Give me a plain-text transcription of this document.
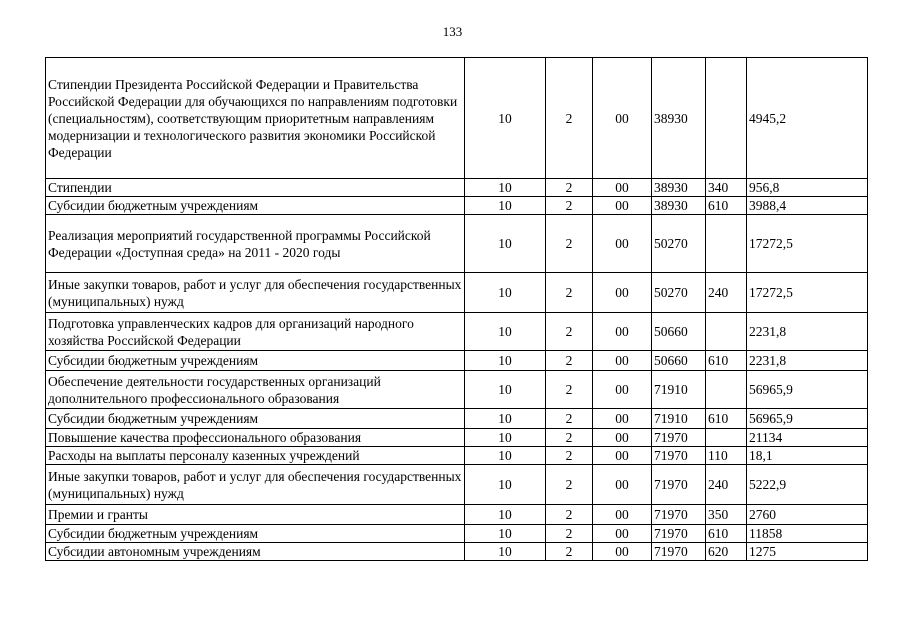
133
Стипендии Президента Российской Федерации и Правительства Российской Федерации для обучающихся по направлениям подготовки (специальностям), соответствующим приоритетным направлениям модернизации и технологического развития экономики Российской Федерации	10	2	00	38930		4945,2
Стипендии	10	2	00	38930	340	956,8
Субсидии бюджетным учреждениям	10	2	00	38930	610	3988,4
Реализация мероприятий государственной программы Российской Федерации «Доступная среда» на 2011 - 2020 годы	10	2	00	50270		17272,5
Иные закупки товаров, работ и услуг для обеспечения государственных (муниципальных) нужд	10	2	00	50270	240	17272,5
Подготовка управленческих кадров для организаций народного хозяйства Российской Федерации	10	2	00	50660		2231,8
Субсидии бюджетным учреждениям	10	2	00	50660	610	2231,8
Обеспечение деятельности государственных организаций дополнительного профессионального образования	10	2	00	71910		56965,9
Субсидии бюджетным учреждениям	10	2	00	71910	610	56965,9
Повышение качества профессионального образования	10	2	00	71970		21134
Расходы на выплаты персоналу казенных учреждений	10	2	00	71970	110	18,1
Иные закупки товаров, работ и услуг для обеспечения государственных (муниципальных) нужд	10	2	00	71970	240	5222,9
Премии и гранты	10	2	00	71970	350	2760
Субсидии бюджетным учреждениям	10	2	00	71970	610	11858
Субсидии автономным учреждениям	10	2	00	71970	620	1275
